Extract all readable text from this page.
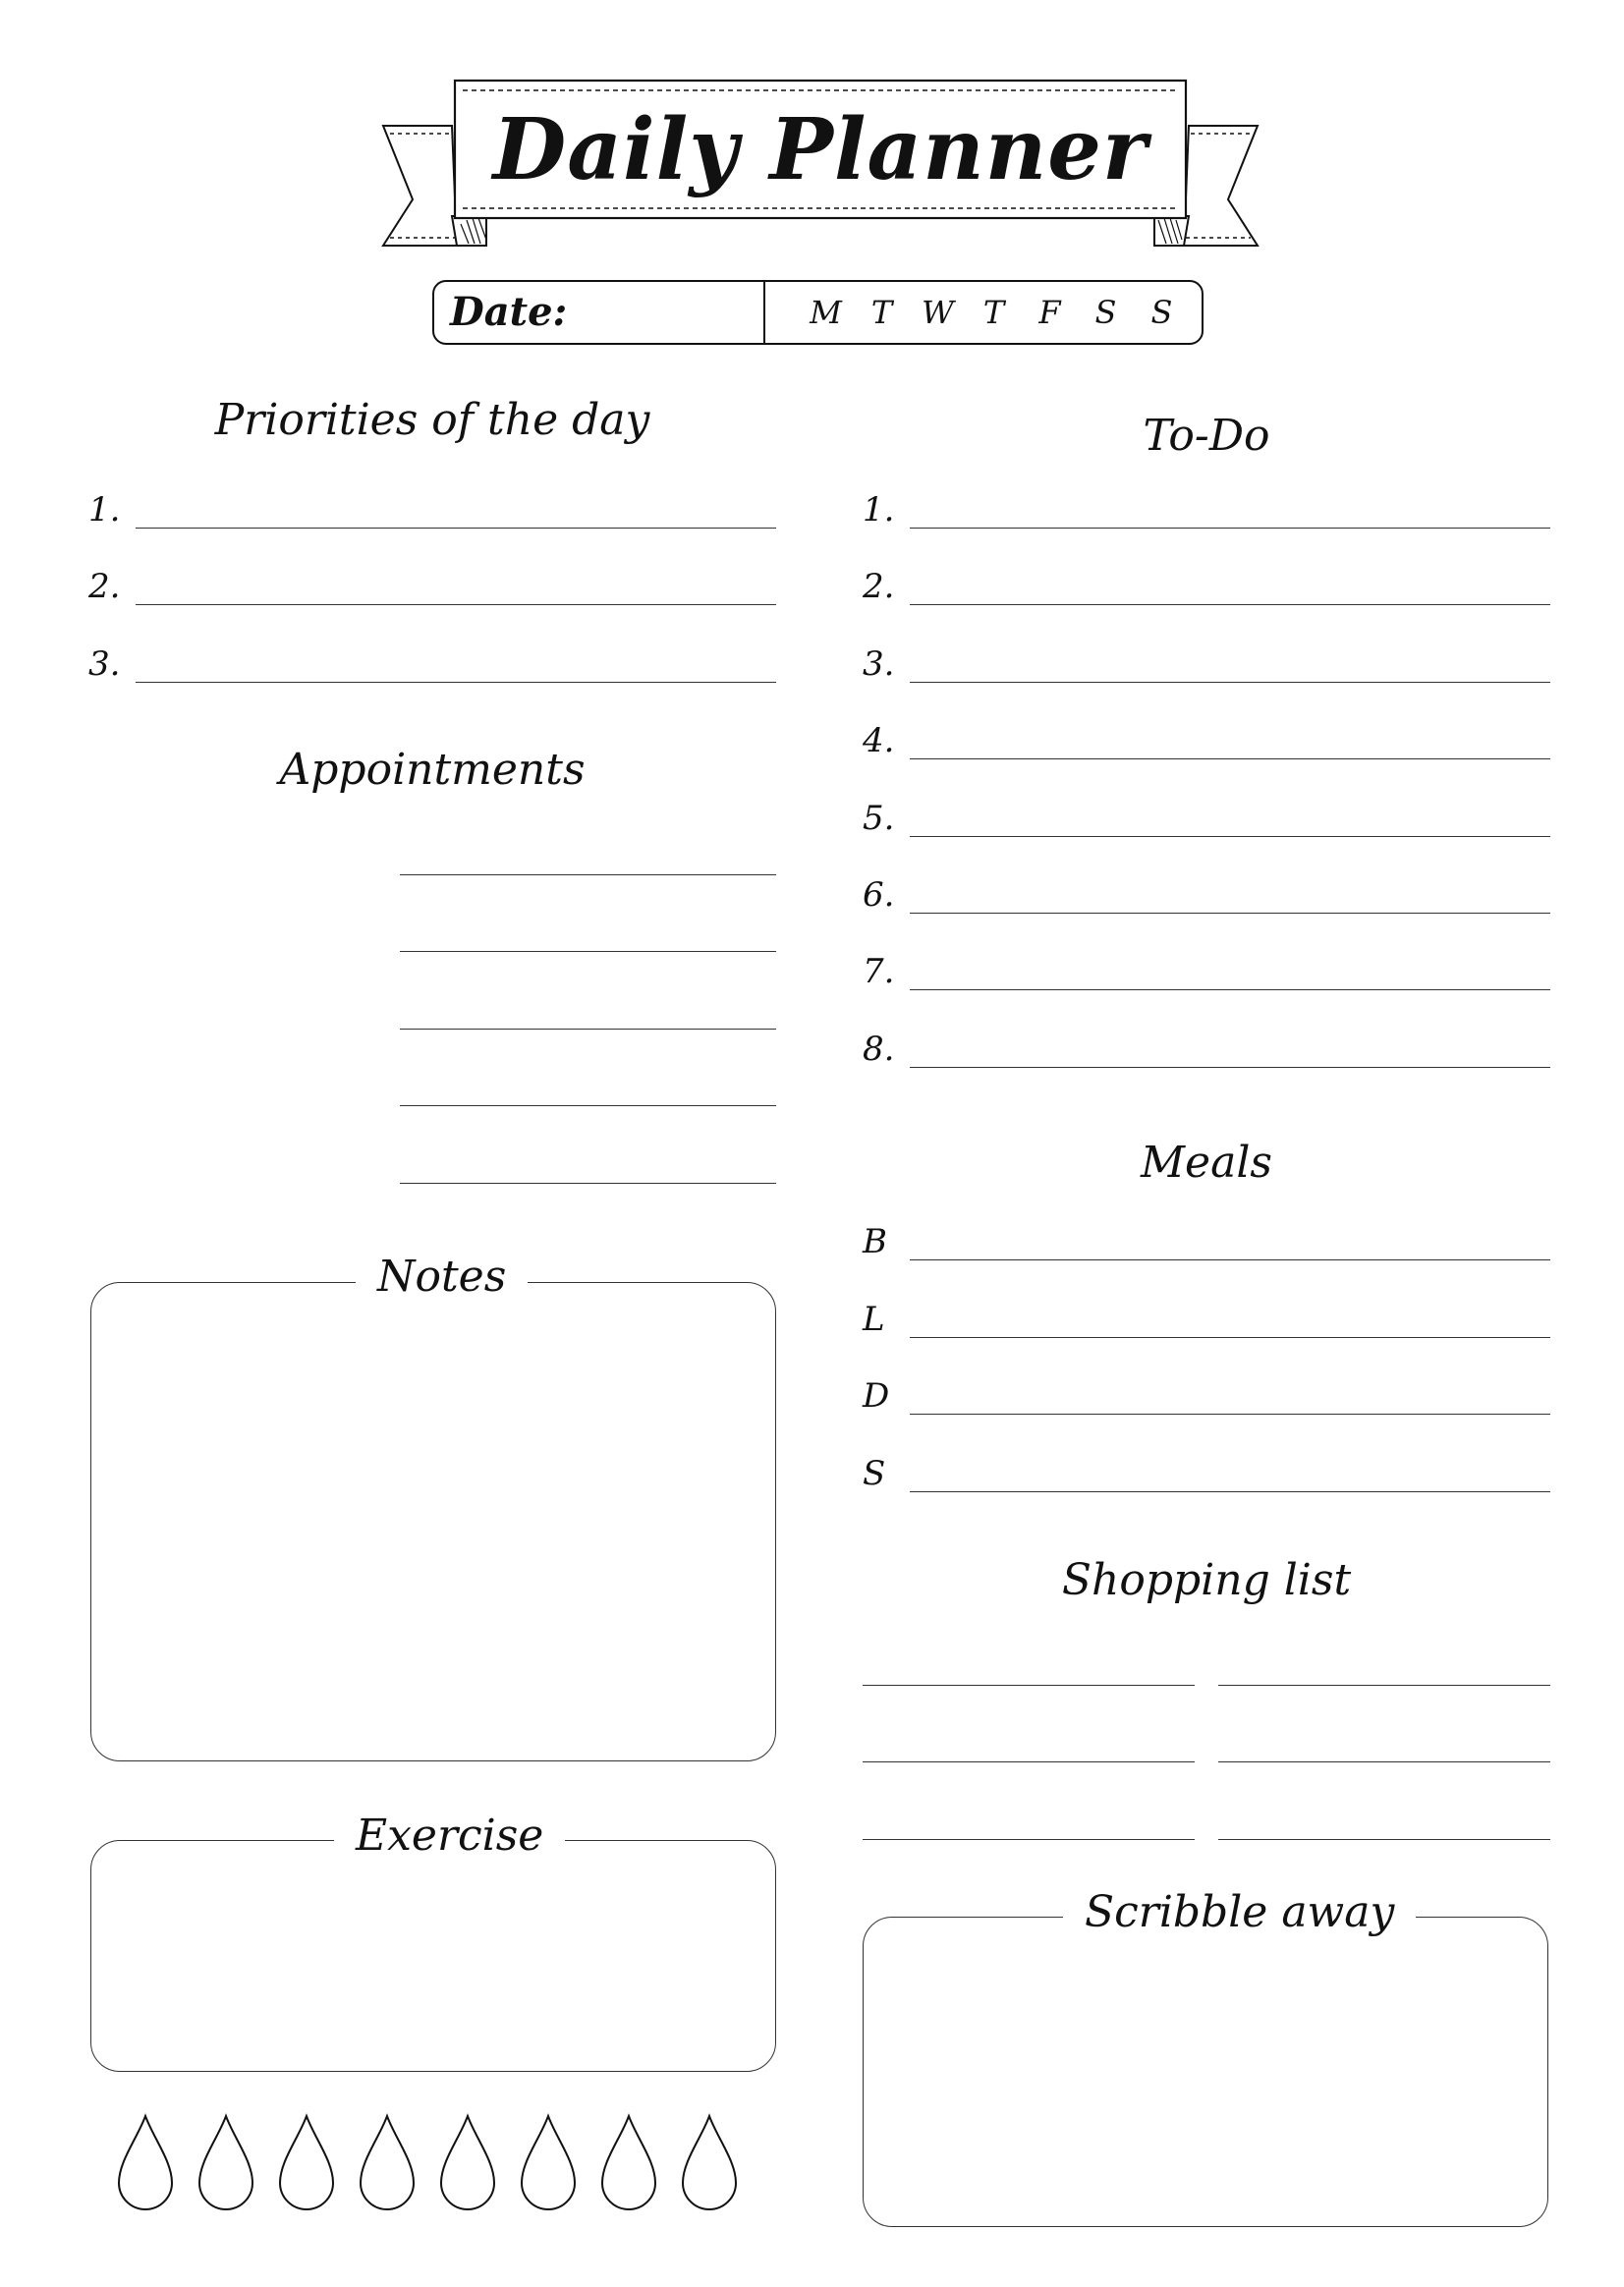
Daily Planner
Date:	M T W T	F	S	S
Priorities of the day
1.
2.
3.
Appointments
To-Do
1.
2.
3.
4.
5.
6.
7.
8.
Meals
B
L
D
S
Shopping list
Notes
Exercise
Scribble away
